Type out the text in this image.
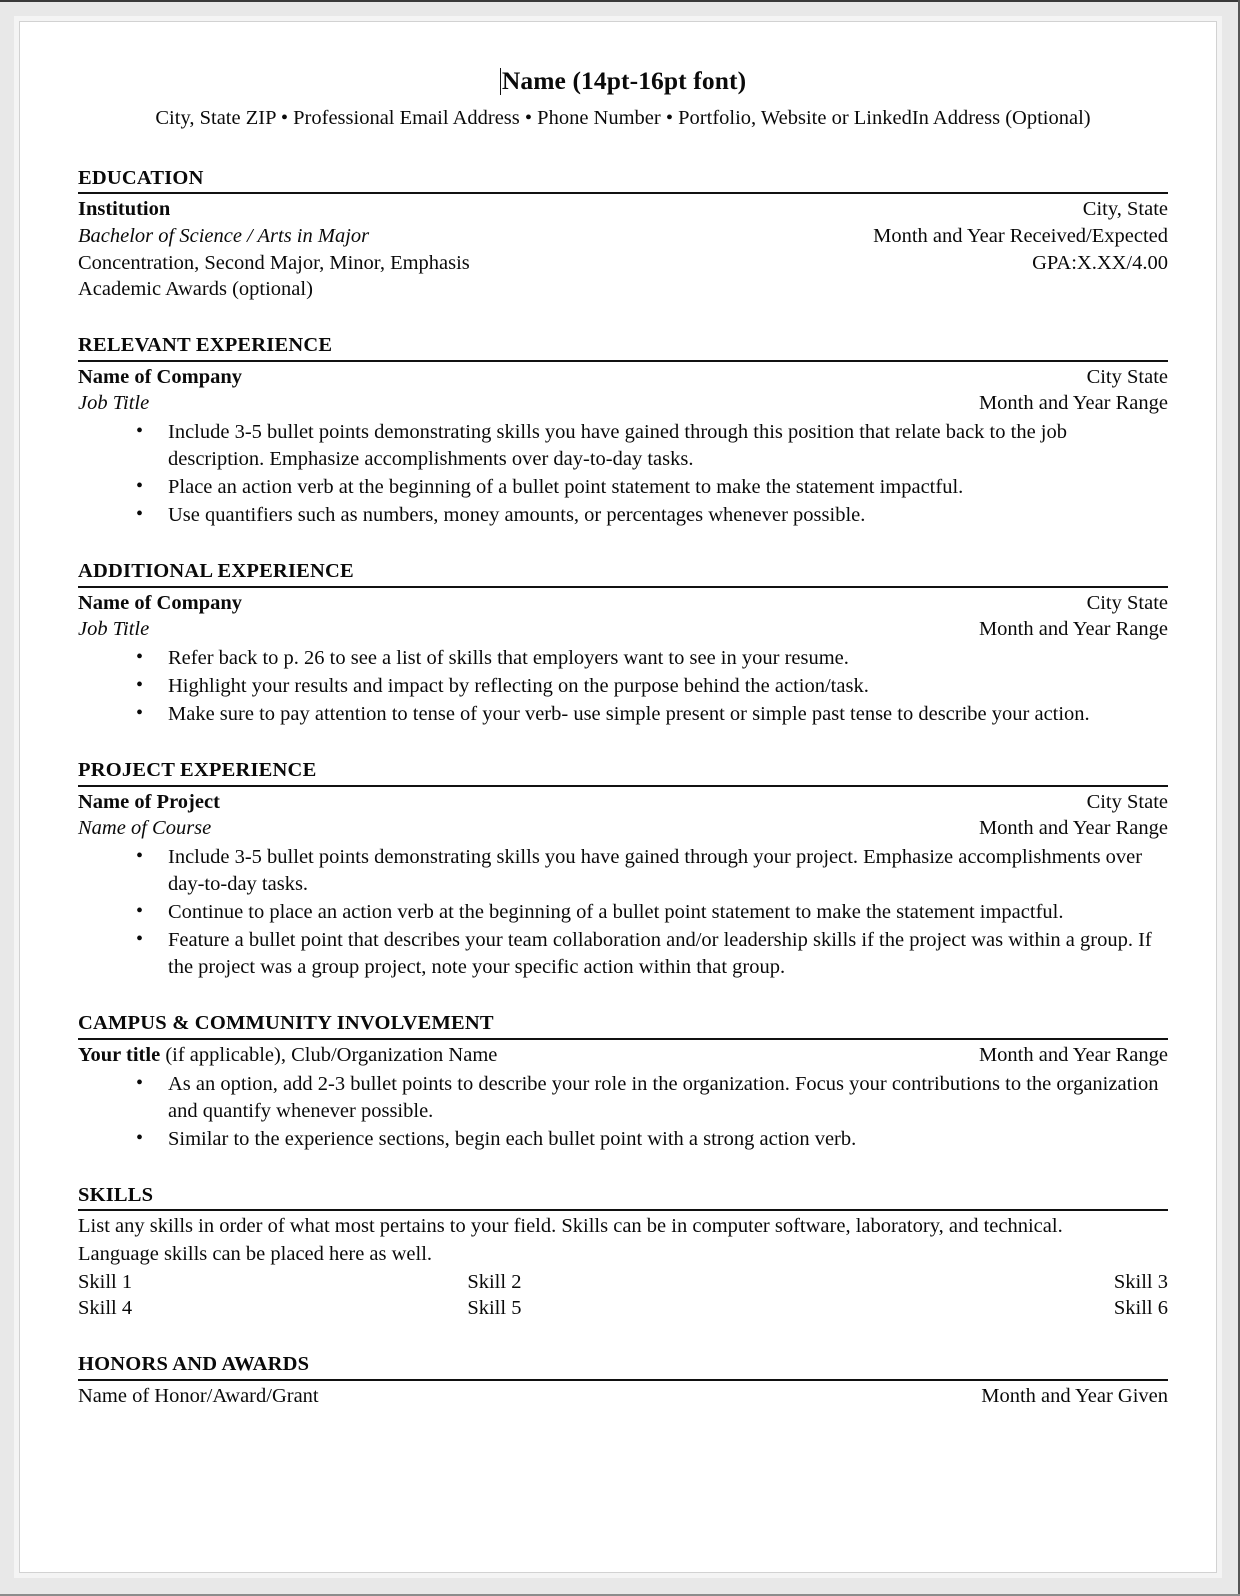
Name (14pt-16pt font)
City, State ZIP • Professional Email Address • Phone Number • Portfolio, Website or LinkedIn Address (Optional)
EDUCATION
Institution	City, State
Bachelor of Science / Arts in Major	Month and Year Received/Expected
Concentration, Second Major, Minor, Emphasis	GPA:X.XX/4.00
Academic Awards (optional)
RELEVANT EXPERIENCE
Name of Company	City State
Job Title	Month and Year Range
• Include 3-5 bullet points demonstrating skills you have gained through this position that relate back to the job description. Emphasize accomplishments over day-to-day tasks.
• Place an action verb at the beginning of a bullet point statement to make the statement impactful.
• Use quantifiers such as numbers, money amounts, or percentages whenever possible.
ADDITIONAL EXPERIENCE
Name of Company	City State
Job Title	Month and Year Range
• Refer back to p. 26 to see a list of skills that employers want to see in your resume.
• Highlight your results and impact by reflecting on the purpose behind the action/task.
• Make sure to pay attention to tense of your verb- use simple present or simple past tense to describe your action.
PROJECT EXPERIENCE
Name of Project	City State
Name of Course	Month and Year Range
• Include 3-5 bullet points demonstrating skills you have gained through your project. Emphasize accomplishments over day-to-day tasks.
• Continue to place an action verb at the beginning of a bullet point statement to make the statement impactful.
• Feature a bullet point that describes your team collaboration and/or leadership skills if the project was within a group. If the project was a group project, note your specific action within that group.
CAMPUS & COMMUNITY INVOLVEMENT
Your title (if applicable), Club/Organization Name	Month and Year Range
• As an option, add 2-3 bullet points to describe your role in the organization. Focus your contributions to the organization and quantify whenever possible.
• Similar to the experience sections, begin each bullet point with a strong action verb.
SKILLS
List any skills in order of what most pertains to your field. Skills can be in computer software, laboratory, and technical.
Language skills can be placed here as well.
Skill 1	Skill 2	Skill 3
Skill 4	Skill 5	Skill 6
HONORS AND AWARDS
Name of Honor/Award/Grant	Month and Year Given
